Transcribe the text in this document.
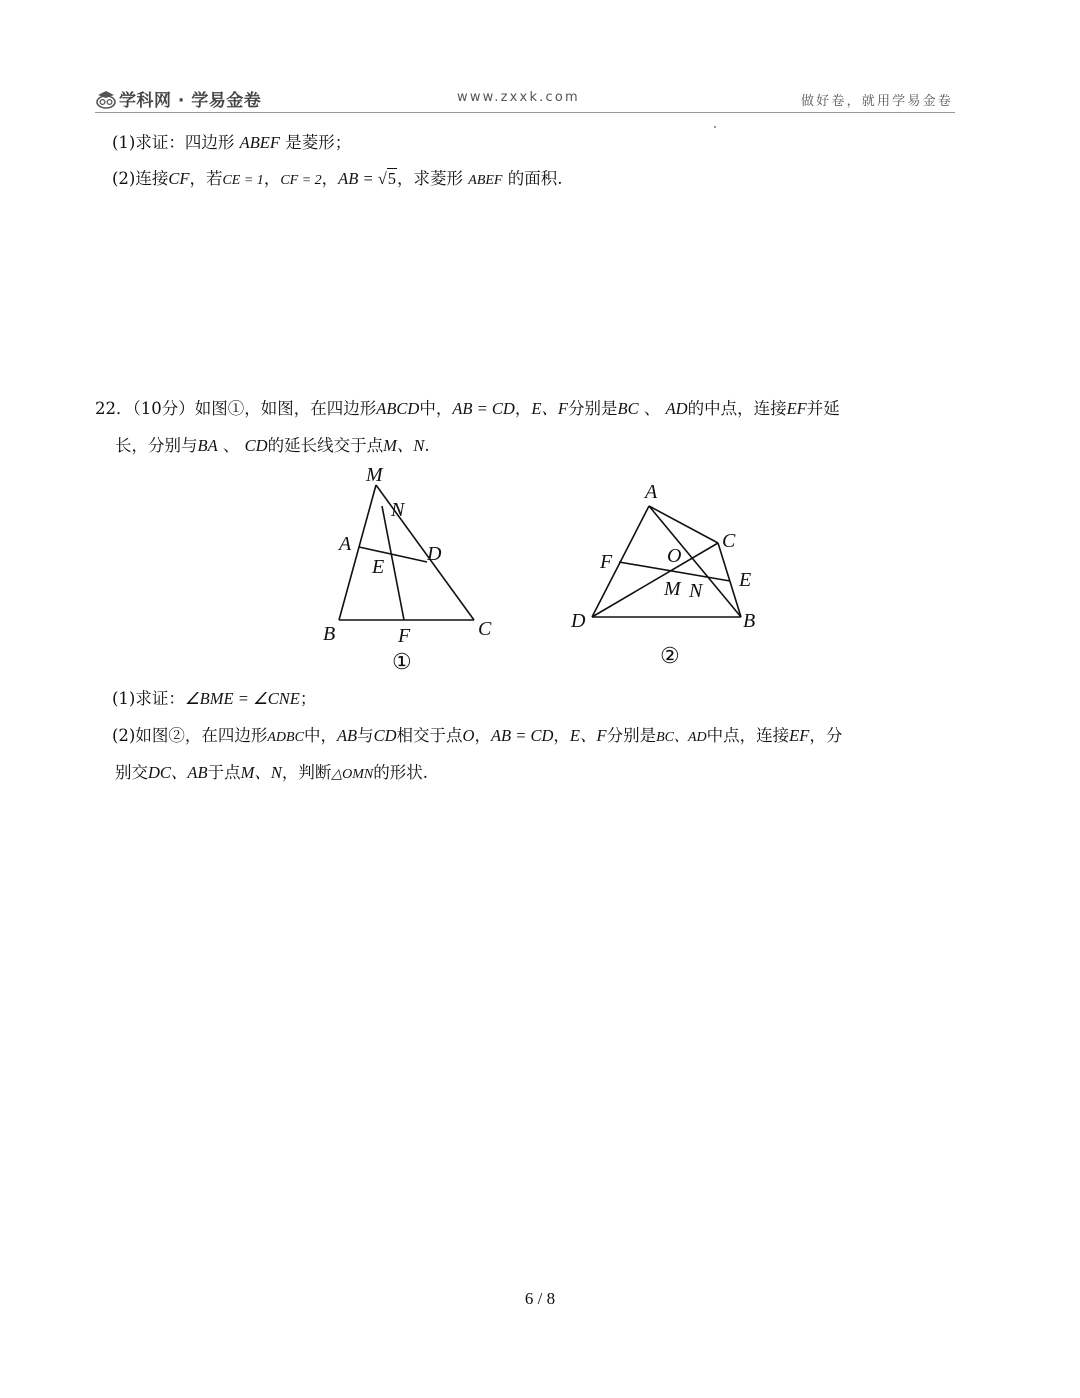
学科网 · 学易金卷	www.zxxk.com	做好卷，就用学易金卷
(1)求证：四边形 ABEF 是菱形；
(2)连接CF，若CE = 1，CF = 2，AB = √5，求菱形 ABEF 的面积.
22．（10分）如图①，如图，在四边形ABCD中，AB = CD，E、F分别是BC 、 AD的中点，连接EF并延
长，分别与BA 、 CD的延长线交于点M、N.
M
N
A	D
E
B	F	C
①
A
C
O
F
E
M N
D	B
②
(1)求证：∠BME = ∠CNE；
(2)如图②，在四边形ADBC中，AB与CD相交于点O，AB = CD，E、F分别是BC、AD中点，连接EF，分
别交DC、AB于点M、N，判断△OMN的形状.
6 / 8
